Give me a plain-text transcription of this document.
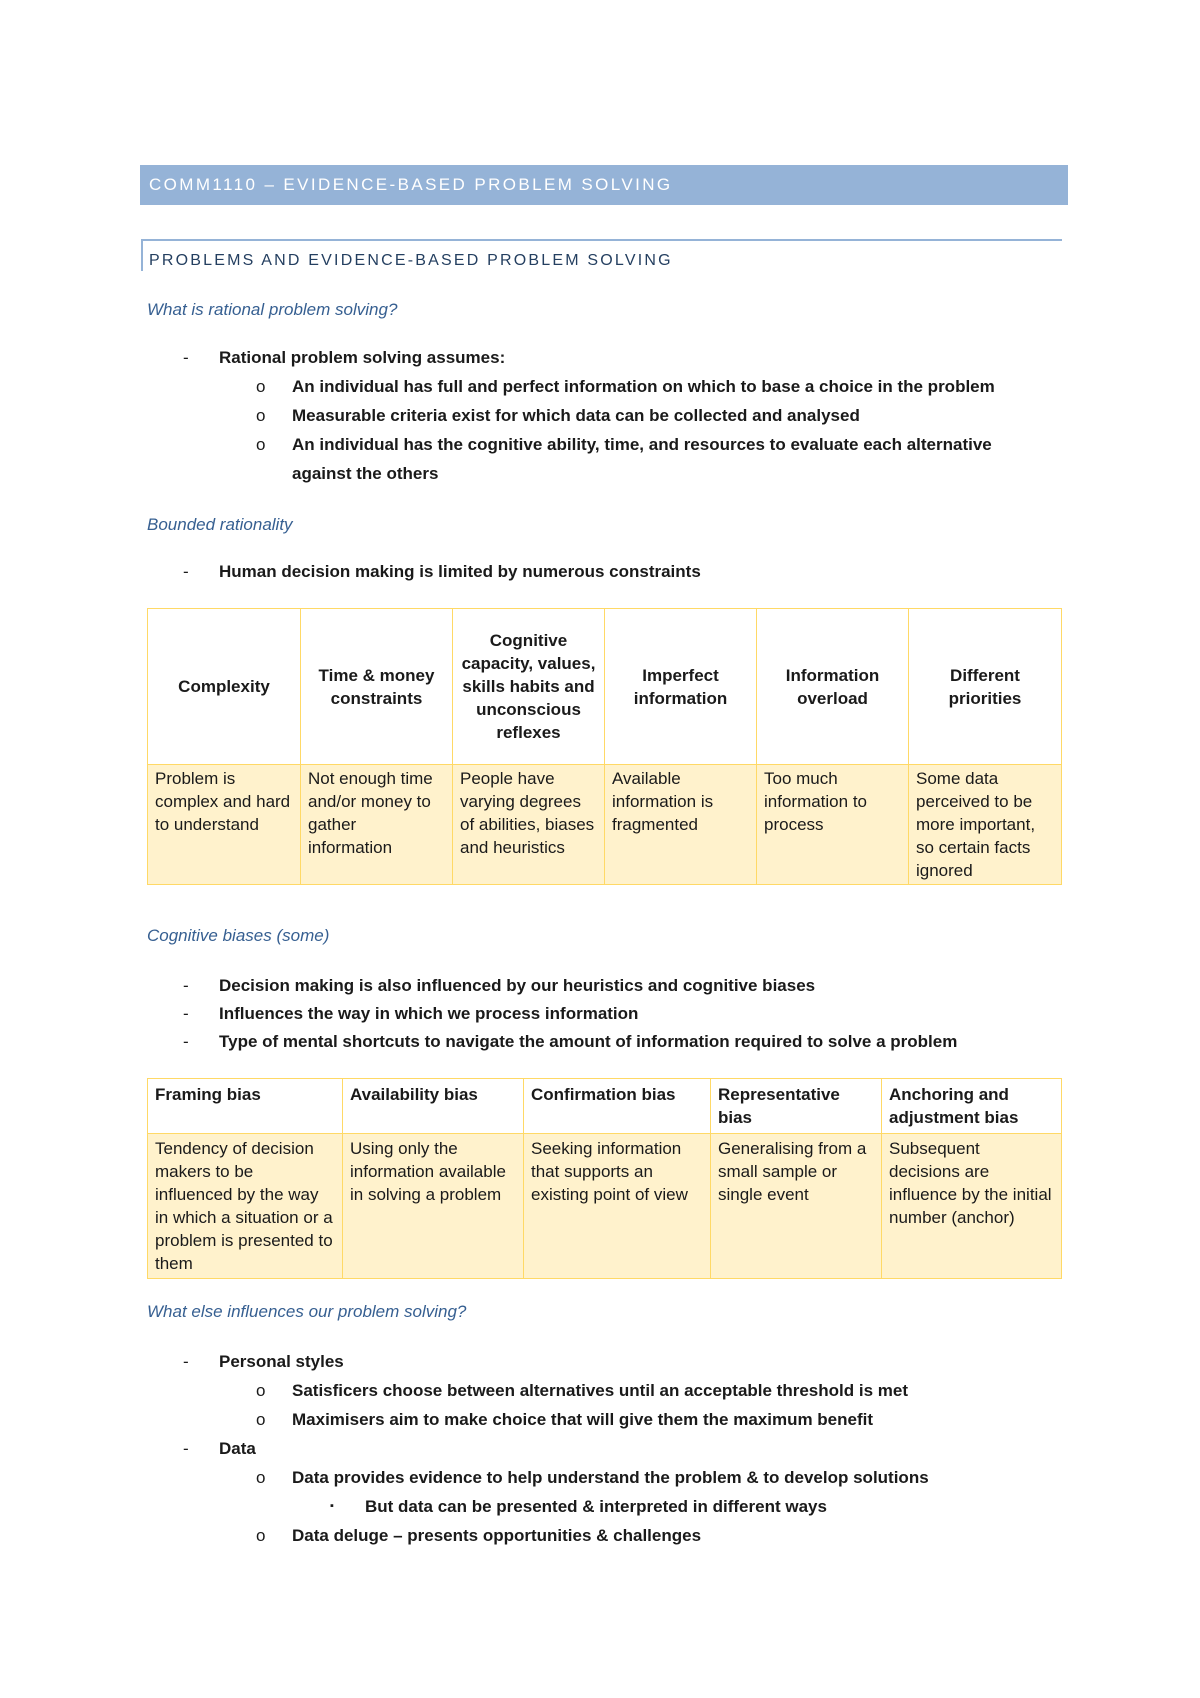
COMM1110 – EVIDENCE-BASED PROBLEM SOLVING
PROBLEMS AND EVIDENCE-BASED PROBLEM SOLVING
What is rational problem solving?
- Rational problem solving assumes:
o An individual has full and perfect information on which to base a choice in the problem
o Measurable criteria exist for which data can be collected and analysed
o An individual has the cognitive ability, time, and resources to evaluate each alternative
against the others
Bounded rationality
- Human decision making is limited by numerous constraints
Complexity	Time & money constraints	Cognitive capacity, values, skills habits and unconscious reflexes	Imperfect information	Information overload	Different priorities
Problem is complex and hard to understand	Not enough time and/or money to gather information	People have varying degrees of abilities, biases and heuristics	Available information is fragmented	Too much information to process	Some data perceived to be more important, so certain facts ignored
Cognitive biases (some)
- Decision making is also influenced by our heuristics and cognitive biases
- Influences the way in which we process information
- Type of mental shortcuts to navigate the amount of information required to solve a problem
Framing bias	Availability bias	Confirmation bias	Representative bias	Anchoring and adjustment bias
Tendency of decision makers to be influenced by the way in which a situation or a problem is presented to them	Using only the information available in solving a problem	Seeking information that supports an existing point of view	Generalising from a small sample or single event	Subsequent decisions are influence by the initial number (anchor)
What else influences our problem solving?
- Personal styles
o Satisficers choose between alternatives until an acceptable threshold is met
o Maximisers aim to make choice that will give them the maximum benefit
- Data
o Data provides evidence to help understand the problem & to develop solutions
▪ But data can be presented & interpreted in different ways
o Data deluge – presents opportunities & challenges
